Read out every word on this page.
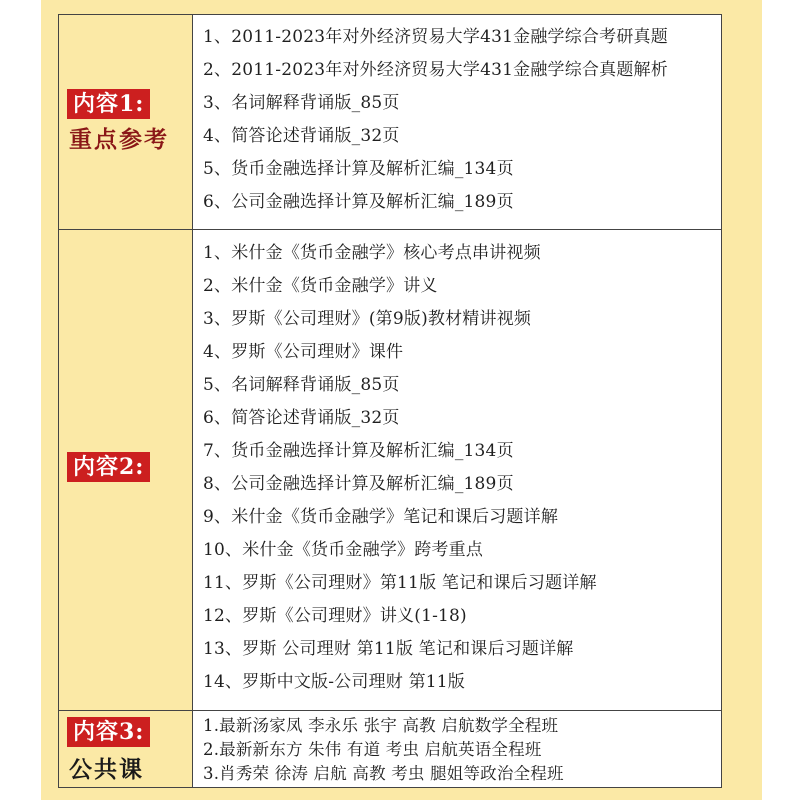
内容1:
重点参考
1、2011-2023年对外经济贸易大学431金融学综合考研真题
2、2011-2023年对外经济贸易大学431金融学综合真题解析
3、名词解释背诵版_85页
4、简答论述背诵版_32页
5、货币金融选择计算及解析汇编_134页
6、公司金融选择计算及解析汇编_189页
内容2:
1、米什金《货币金融学》核心考点串讲视频
2、米什金《货币金融学》讲义
3、罗斯《公司理财》(第9版)教材精讲视频
4、罗斯《公司理财》课件
5、名词解释背诵版_85页
6、简答论述背诵版_32页
7、货币金融选择计算及解析汇编_134页
8、公司金融选择计算及解析汇编_189页
9、米什金《货币金融学》笔记和课后习题详解
10、米什金《货币金融学》跨考重点
11、罗斯《公司理财》第11版 笔记和课后习题详解
12、罗斯《公司理财》讲义(1-18)
13、罗斯 公司理财 第11版 笔记和课后习题详解
14、罗斯中文版-公司理财 第11版
内容3:
公共课
1.最新汤家凤 李永乐 张宇 高教 启航数学全程班
2.最新新东方 朱伟 有道 考虫 启航英语全程班
3.肖秀荣 徐涛 启航 高教 考虫 腿姐等政治全程班
